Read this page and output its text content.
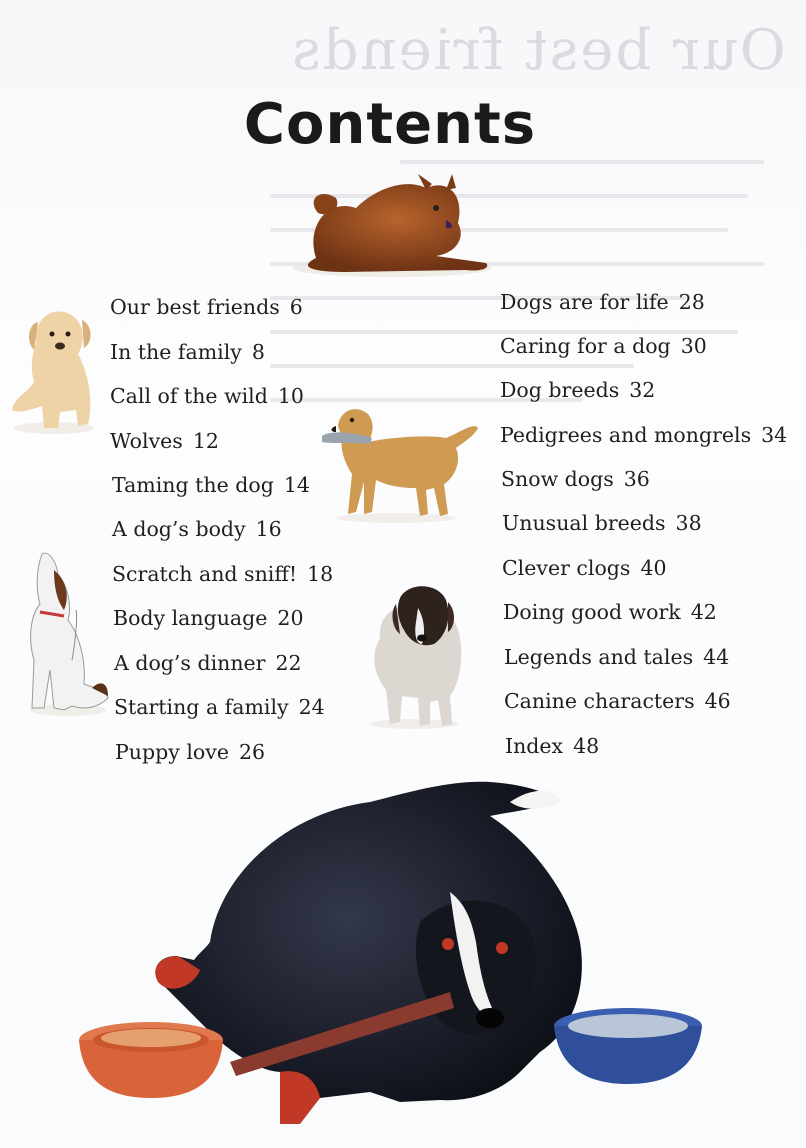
Our best friends
Contents
Our best friends 6
In the family 8
Call of the wild 10
Wolves 12
Taming the dog 14
A dog’s body 16
Scratch and sniff! 18
Body language 20
A dog’s dinner 22
Starting a family 24
Puppy love 26
Dogs are for life 28
Caring for a dog 30
Dog breeds 32
Pedigrees and mongrels 34
Snow dogs 36
Unusual breeds 38
Clever clogs 40
Doing good work 42
Legends and tales 44
Canine characters 46
Index 48
